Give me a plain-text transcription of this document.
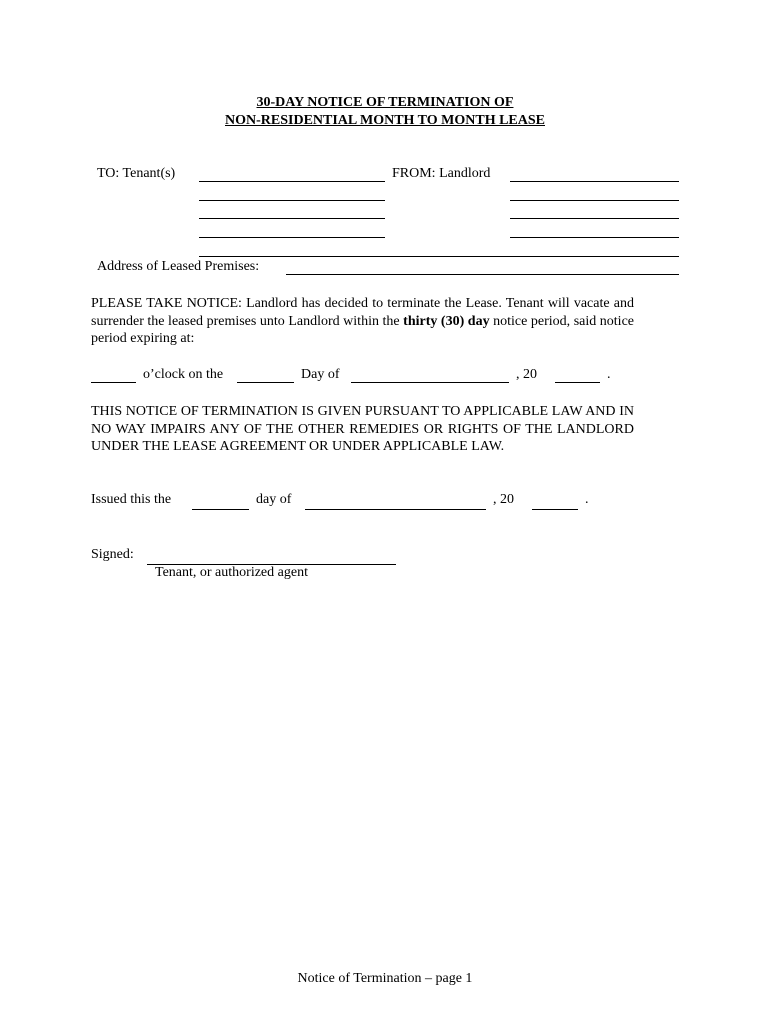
30-DAY NOTICE OF TERMINATION OF
NON-RESIDENTIAL MONTH TO MONTH LEASE
TO: Tenant(s)	FROM: Landlord
Address of Leased Premises:
PLEASE TAKE NOTICE: Landlord has decided to terminate the Lease. Tenant will vacate and surrender the leased premises unto Landlord within the thirty (30) day notice period, said notice period expiring at:
o’clock on the	Day of	, 20	.
THIS NOTICE OF TERMINATION IS GIVEN PURSUANT TO APPLICABLE LAW AND IN NO WAY IMPAIRS ANY OF THE OTHER REMEDIES OR RIGHTS OF THE LANDLORD UNDER THE LEASE AGREEMENT OR UNDER APPLICABLE LAW.
Issued this the	day of	, 20	.
Signed:
Tenant, or authorized agent
Notice of Termination – page 1
